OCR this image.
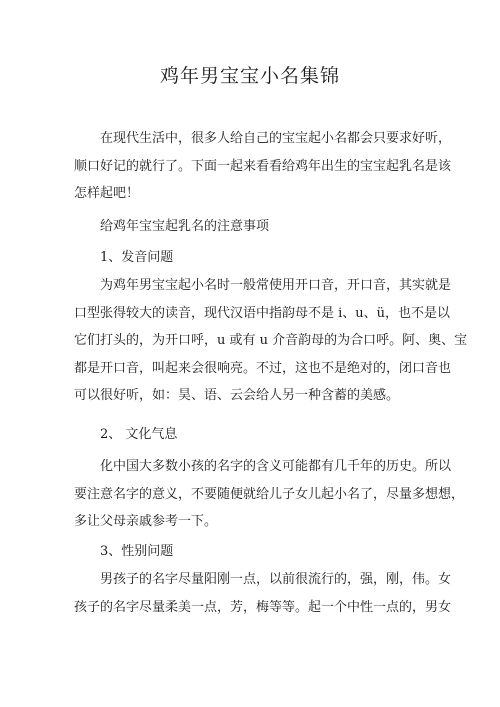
鸡年男宝宝小名集锦

在现代生活中，很多人给自己的宝宝起小名都会只要求好听，
顺口好记的就行了。下面一起来看看给鸡年出生的宝宝起乳名是该
怎样起吧！

给鸡年宝宝起乳名的注意事项
1、发音问题

为鸡年男宝宝起小名时一般常使用开口音，开口音，其实就是
口型张得较大的读音，现代汉语中指韵母不是 i、u、ü，也不是以
它们打头的，为开口呼，u 或有 u 介音韵母的为合口呼。阿、奥、宝
都是开口音，叫起来会很响亮。不过，这也不是绝对的，闭口音也
可以很好听，如：昊、语、云会给人另一种含蓄的美感。

2、 文化气息

化中国大多数小孩的名字的含义可能都有几千年的历史。所以
要注意名字的意义，不要随便就给儿子女儿起小名了，尽量多想想，
多让父母亲戚参考一下。

3、性别问题

男孩子的名字尽量阳刚一点，以前很流行的，强，刚，伟。女
孩子的名字尽量柔美一点，芳，梅等等。起一个中性一点的，男女
